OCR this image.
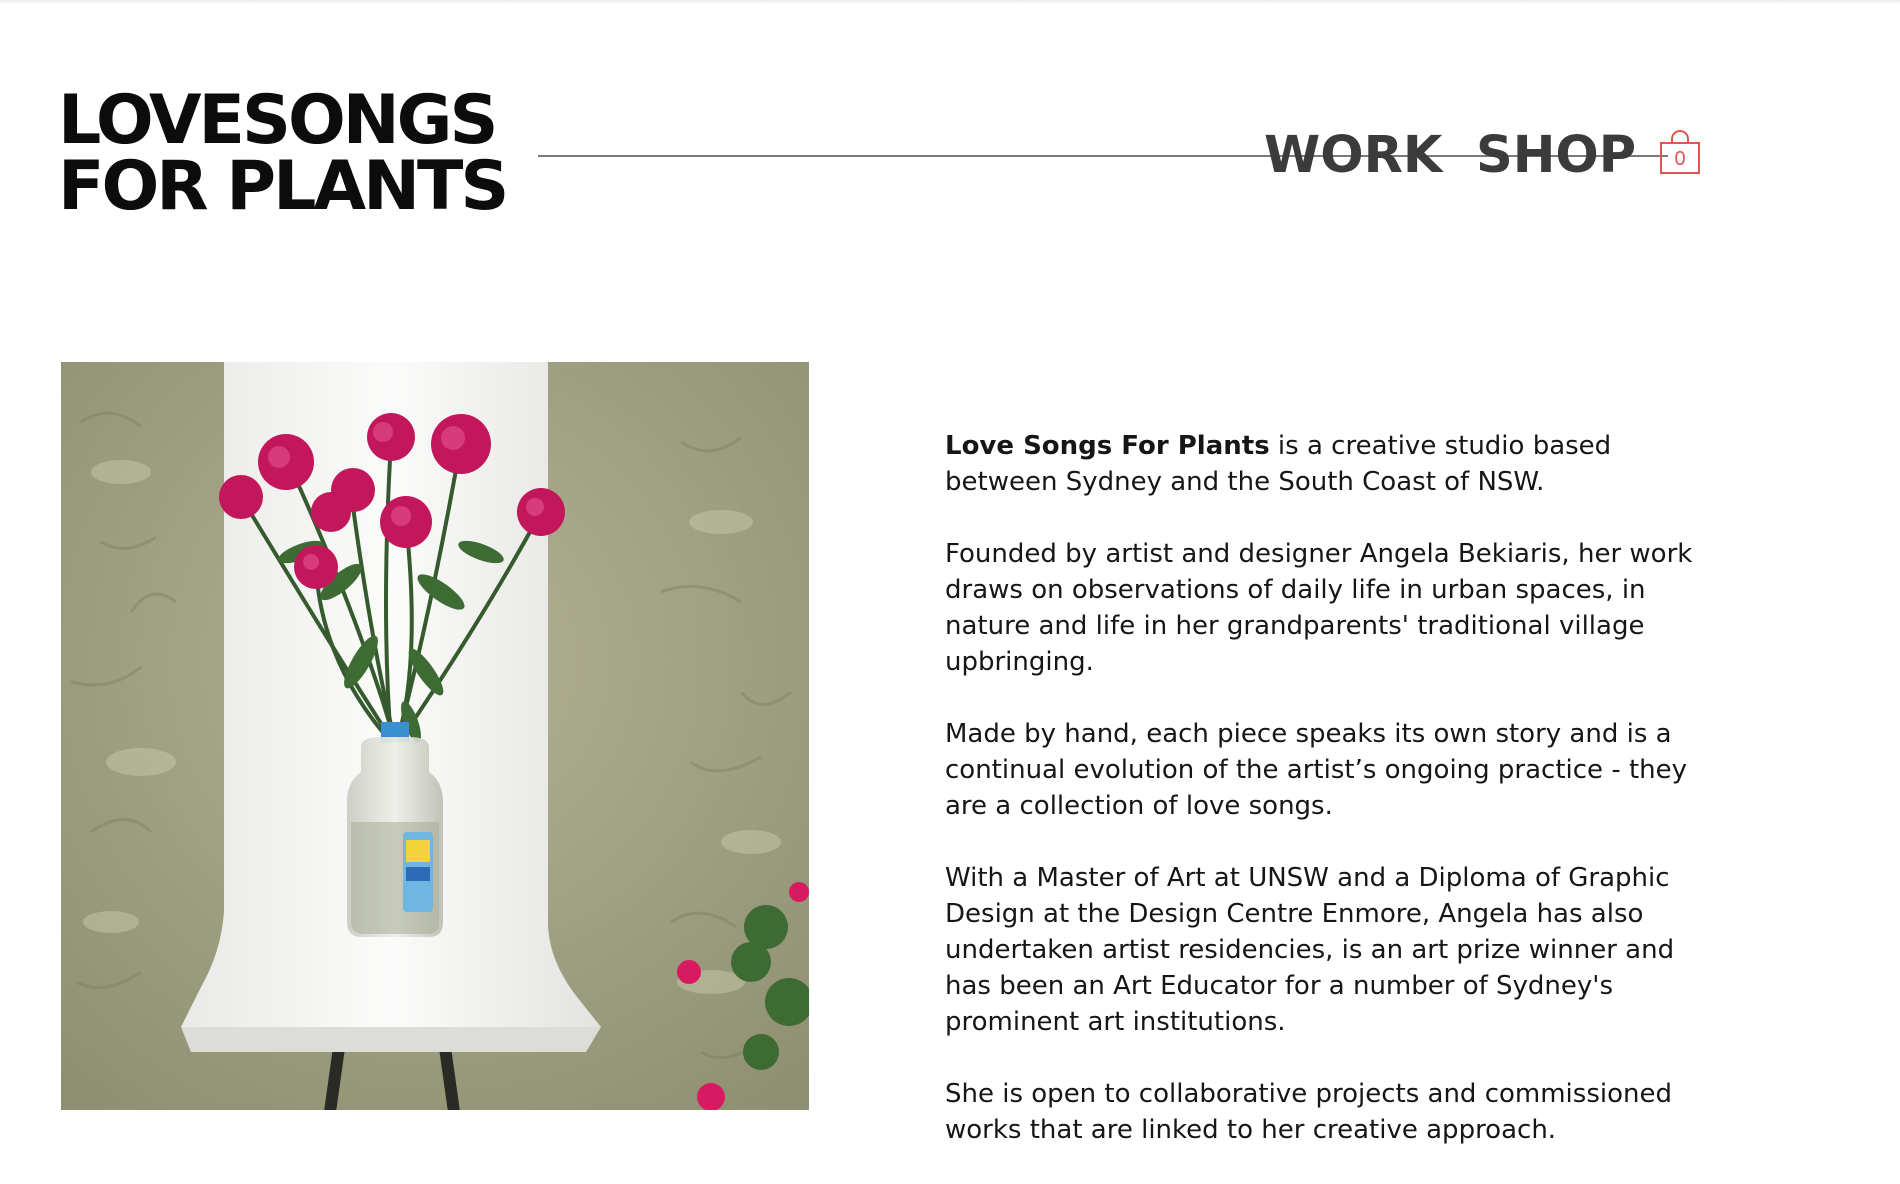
LOVESONGS
FOR PLANTS	WORK SHOP	0

Love Songs For Plants is a creative studio based between Sydney and the South Coast of NSW.

Founded by artist and designer Angela Bekiaris, her work draws on observations of daily life in urban spaces, in nature and life in her grandparents' traditional village upbringing.

Made by hand, each piece speaks its own story and is a continual evolution of the artist’s ongoing practice - they are a collection of love songs.

With a Master of Art at UNSW and a Diploma of Graphic Design at the Design Centre Enmore, Angela has also undertaken artist residencies, is an art prize winner and has been an Art Educator for a number of Sydney's prominent art institutions.

She is open to collaborative projects and commissioned works that are linked to her creative approach.
